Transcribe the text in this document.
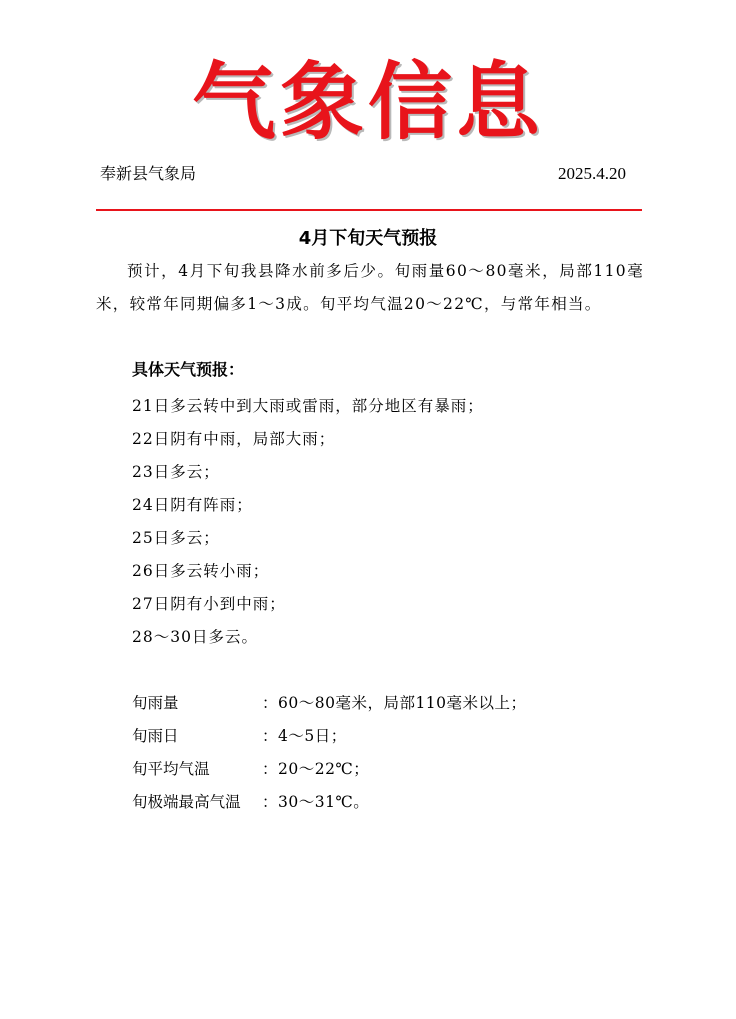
气象信息
奉新县气象局	2025.4.20
4月下旬天气预报
预计，4月下旬我县降水前多后少。旬雨量60～80毫米，局部110毫米，较常年同期偏多1～3成。旬平均气温20～22℃，与常年相当。
具体天气预报：
21日多云转中到大雨或雷雨，部分地区有暴雨；
22日阴有中雨，局部大雨；
23日多云；
24日阴有阵雨；
25日多云；
26日多云转小雨；
27日阴有小到中雨；
28～30日多云。
旬雨量	：60～80毫米，局部110毫米以上；
旬雨日	：4～5日；
旬平均气温	：20～22℃；
旬极端最高气温	：30～31℃。
